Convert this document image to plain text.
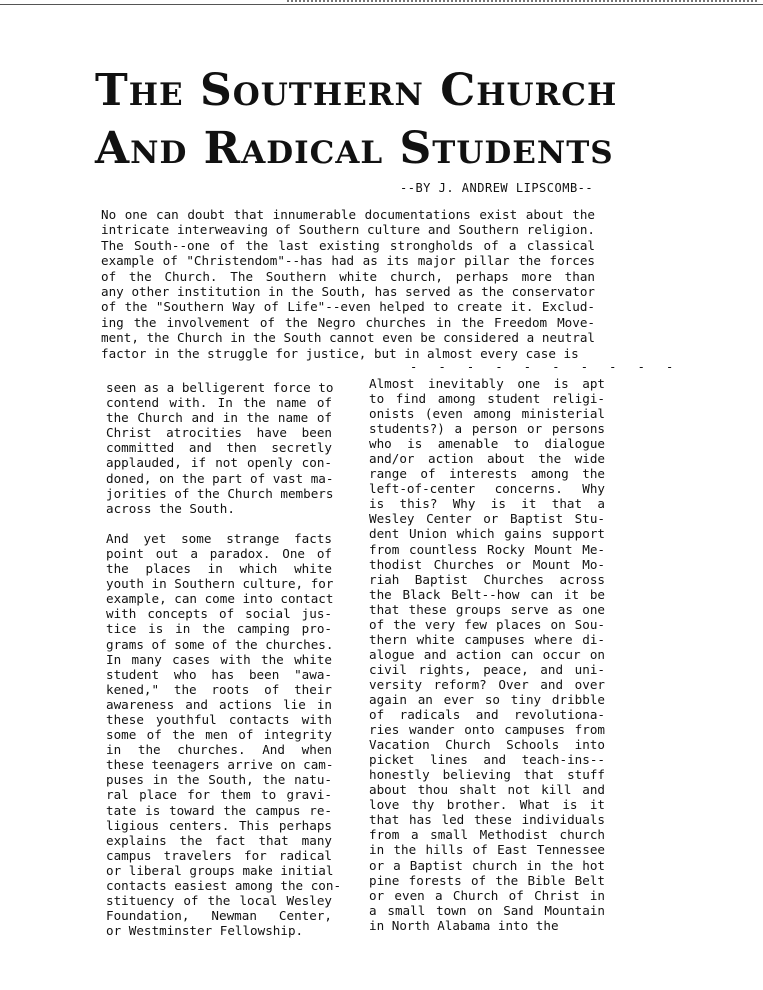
The Southern Church
And Radical Students
--BY J. ANDREW LIPSCOMB--
No one can doubt that innumerable documentations exist about the
intricate interweaving of Southern culture and Southern religion.
The South--one of the last existing strongholds of a classical
example of "Christendom"--has had as its major pillar the forces
of the Church. The Southern white church, perhaps more than
any other institution in the South, has served as the conservator
of the "Southern Way of Life"--even helped to create it. Exclud-
ing the involvement of the Negro churches in the Freedom Move-
ment, the Church in the South cannot even be considered a neutral
factor in the struggle for justice, but in almost every case is
- - - - - - - - - -
seen as a belligerent force to
contend with. In the name of
the Church and in the name of
Christ atrocities have been
committed and then secretly
applauded, if not openly con-
doned, on the part of vast ma-
jorities of the Church members
across the South.
And yet some strange facts
point out a paradox. One of
the places in which white
youth in Southern culture, for
example, can come into contact
with concepts of social jus-
tice is in the camping pro-
grams of some of the churches.
In many cases with the white
student who has been "awa-
kened," the roots of their
awareness and actions lie in
these youthful contacts with
some of the men of integrity
in the churches. And when
these teenagers arrive on cam-
puses in the South, the natu-
ral place for them to gravi-
tate is toward the campus re-
ligious centers. This perhaps
explains the fact that many
campus travelers for radical
or liberal groups make initial
contacts easiest among the con-
stituency of the local Wesley
Foundation, Newman Center,
or Westminster Fellowship.
Almost inevitably one is apt
to find among student religi-
onists (even among ministerial
students?) a person or persons
who is amenable to dialogue
and/or action about the wide
range of interests among the
left-of-center concerns. Why
is this? Why is it that a
Wesley Center or Baptist Stu-
dent Union which gains support
from countless Rocky Mount Me-
thodist Churches or Mount Mo-
riah Baptist Churches across
the Black Belt--how can it be
that these groups serve as one
of the very few places on Sou-
thern white campuses where di-
alogue and action can occur on
civil rights, peace, and uni-
versity reform? Over and over
again an ever so tiny dribble
of radicals and revolutiona-
ries wander onto campuses from
Vacation Church Schools into
picket lines and teach-ins--
honestly believing that stuff
about thou shalt not kill and
love thy brother. What is it
that has led these individuals
from a small Methodist church
in the hills of East Tennessee
or a Baptist church in the hot
pine forests of the Bible Belt
or even a Church of Christ in
a small town on Sand Mountain
in North Alabama into the
